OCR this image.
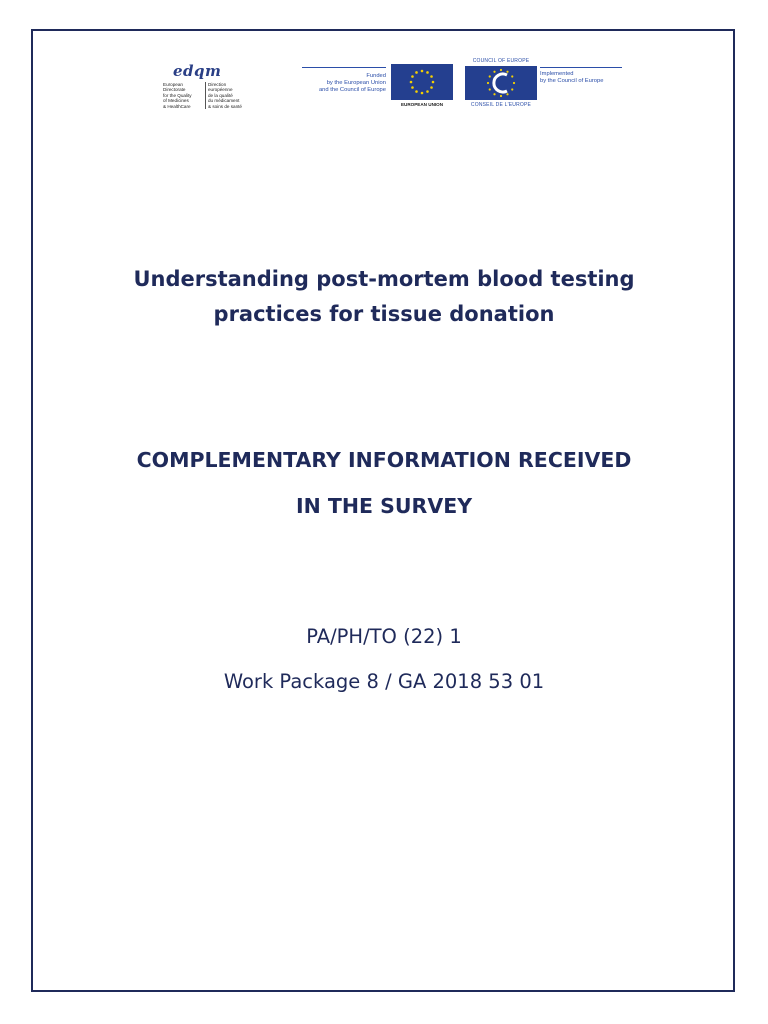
edqm
European Directorate
for the Quality
of Medicines
& HealthCare
Direction européenne
de la qualité
du médicament
& soins de santé
Funded
by the European Union
and the Council of Europe
EUROPEAN UNION
COUNCIL OF EUROPE
CONSEIL DE L'EUROPE
Implemented
by the Council of Europe
Understanding post-mortem blood testing
practices for tissue donation
COMPLEMENTARY INFORMATION RECEIVED
IN THE SURVEY
PA/PH/TO (22) 1
Work Package 8 / GA 2018 53 01
